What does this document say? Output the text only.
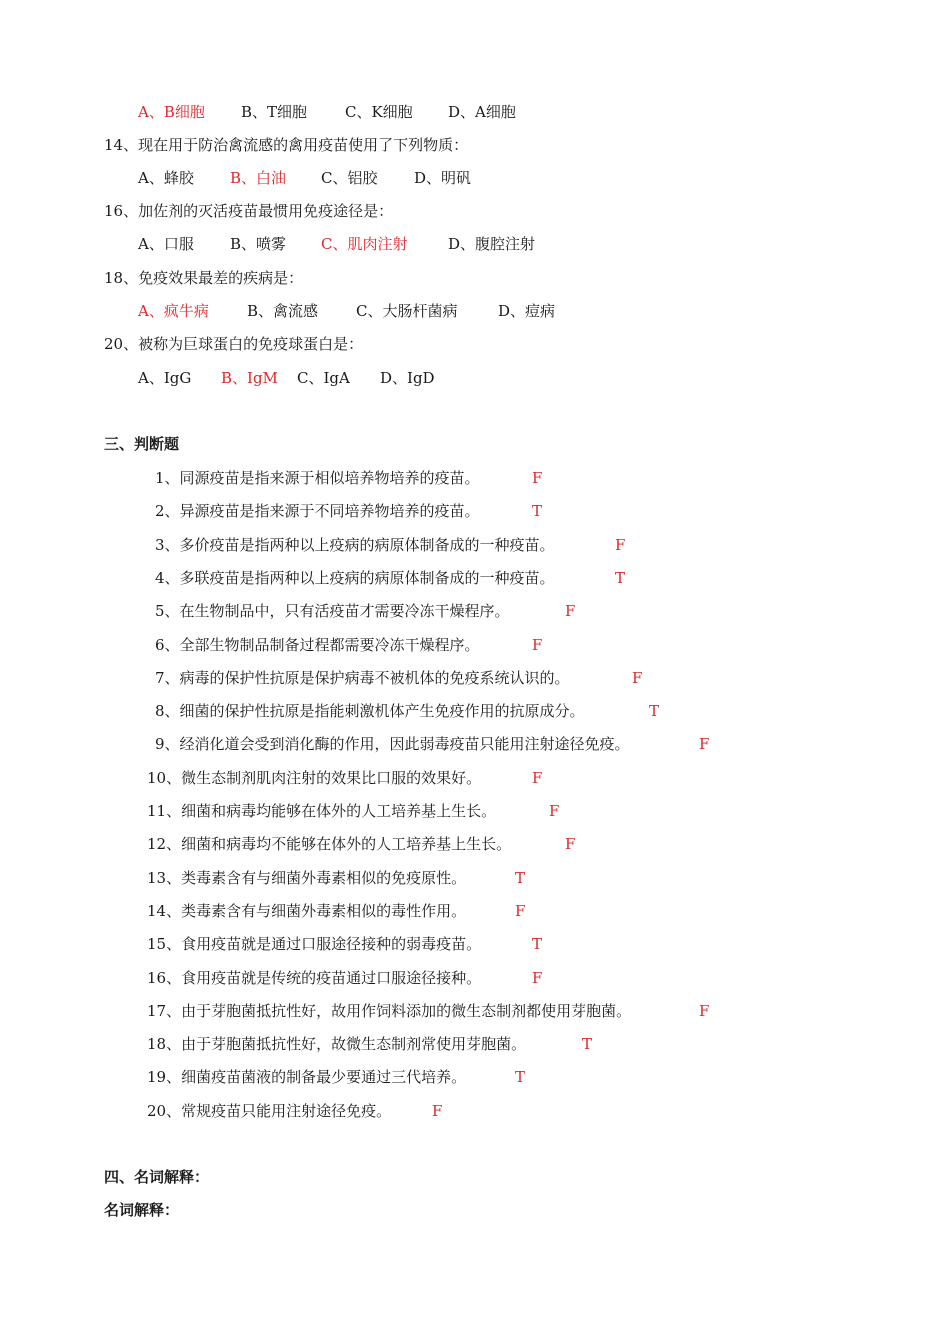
A、B细胞 B、T细胞	C、K细胞 D、A细胞
14、现在用于防治禽流感的禽用疫苗使用了下列物质：
A、蜂胶 B、白油 C、铝胶 D、明矾
16、加佐剂的灭活疫苗最惯用免疫途径是：
A、口服 B、喷雾 C、肌肉注射	D、腹腔注射
18、免疫效果最差的疾病是：
A、疯牛病	B、禽流感	C、大肠杆菌病	D、痘病
20、被称为巨球蛋白的免疫球蛋白是：
A、IgG B、IgM C、IgA D、IgD
三、判断题
1、同源疫苗是指来源于相似培养物培养的疫苗。	F
2、异源疫苗是指来源于不同培养物培养的疫苗。	T
3、多价疫苗是指两种以上疫病的病原体制备成的一种疫苗。	F
4、多联疫苗是指两种以上疫病的病原体制备成的一种疫苗。	T
5、在生物制品中，只有活疫苗才需要冷冻干燥程序。	F
6、全部生物制品制备过程都需要冷冻干燥程序。	F
7、病毒的保护性抗原是保护病毒不被机体的免疫系统认识的。	F
8、细菌的保护性抗原是指能刺激机体产生免疫作用的抗原成分。	T
9、经消化道会受到消化酶的作用，因此弱毒疫苗只能用注射途径免疫。	F
10、微生态制剂肌肉注射的效果比口服的效果好。	F
11、细菌和病毒均能够在体外的人工培养基上生长。	F
12、细菌和病毒均不能够在体外的人工培养基上生长。	F
13、类毒素含有与细菌外毒素相似的免疫原性。	T
14、类毒素含有与细菌外毒素相似的毒性作用。	F
15、食用疫苗就是通过口服途径接种的弱毒疫苗。	T
16、食用疫苗就是传统的疫苗通过口服途径接种。	F
17、由于芽胞菌抵抗性好，故用作饲料添加的微生态制剂都使用芽胞菌。	F
18、由于芽胞菌抵抗性好，故微生态制剂常使用芽胞菌。	T
19、细菌疫苗菌液的制备最少要通过三代培养。	T
20、常规疫苗只能用注射途径免疫。	F
四、名词解释：
名词解释：
